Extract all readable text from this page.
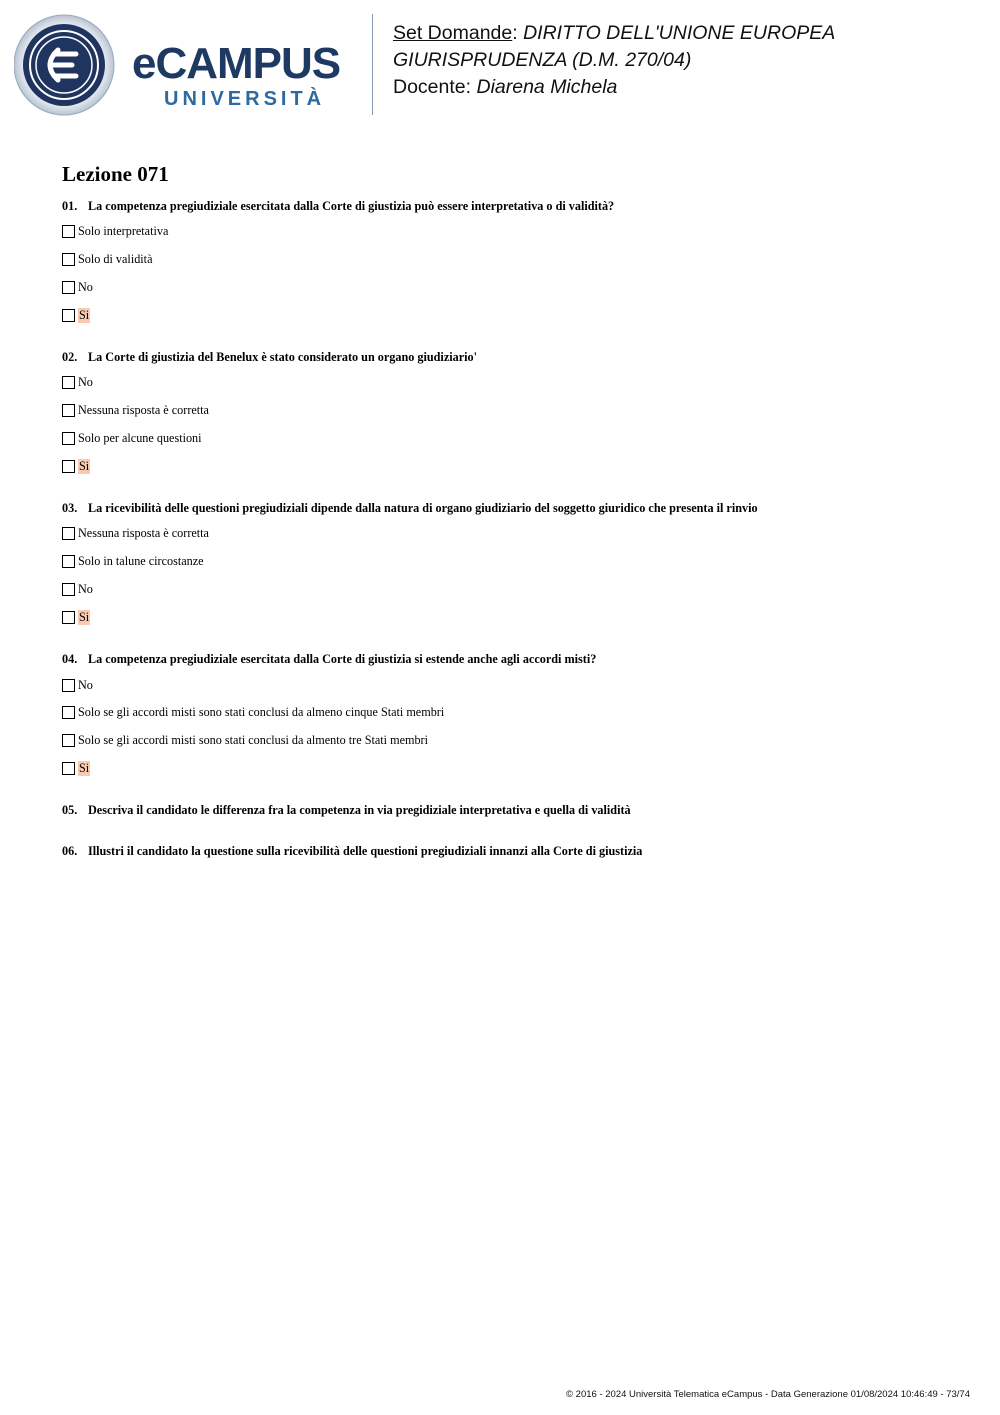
eCAMPUS
UNIVERSITÀ
Set Domande: DIRITTO DELL'UNIONE EUROPEA
GIURISPRUDENZA (D.M. 270/04)
Docente: Diarena Michela
Lezione 071
01. La competenza pregiudiziale esercitata dalla Corte di giustizia può essere interpretativa o di validità?
Solo interpretativa
Solo di validità
No
Si
02. La Corte di giustizia del Benelux è stato considerato un organo giudiziario'
No
Nessuna risposta è corretta
Solo per alcune questioni
Si
03. La ricevibilità delle questioni pregiudiziali dipende dalla natura di organo giudiziario del soggetto giuridico che presenta il rinvio
Nessuna risposta è corretta
Solo in talune circostanze
No
Si
04. La competenza pregiudiziale esercitata dalla Corte di giustizia si estende anche agli accordi misti?
No
Solo se gli accordi misti sono stati conclusi da almeno cinque Stati membri
Solo se gli accordi misti sono stati conclusi da almento tre Stati membri
Si
05. Descriva il candidato le differenza fra la competenza in via pregidiziale interpretativa e quella di validità
06. Illustri il candidato la questione sulla ricevibilità delle questioni pregiudiziali innanzi alla Corte di giustizia
© 2016 - 2024 Università Telematica eCampus - Data Generazione 01/08/2024 10:46:49 - 73/74
